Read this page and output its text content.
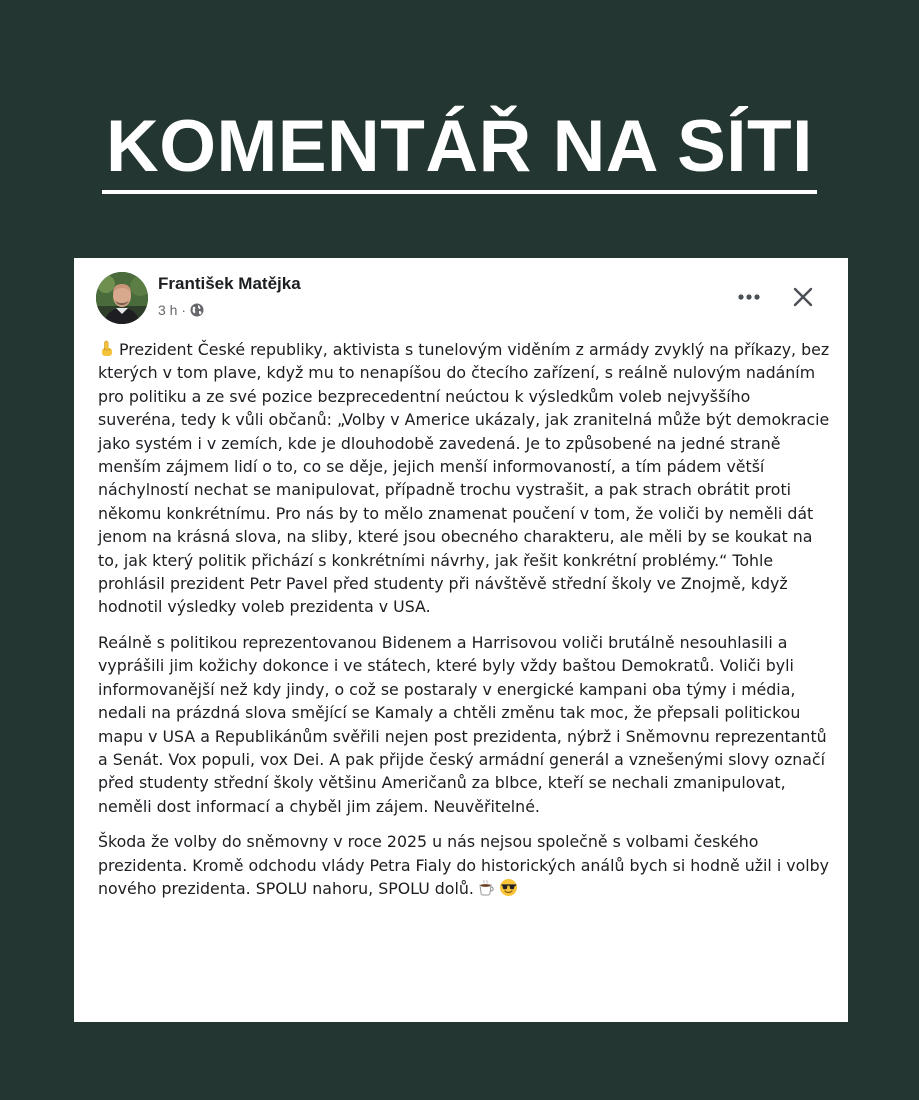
KOMENTÁŘ NA SÍTI
František Matějka
3 h ·

Prezident České republiky, aktivista s tunelovým viděním z armády zvyklý na příkazy, bez kterých v tom plave, když mu to nenapíšou do čtecího zařízení, s reálně nulovým nadáním pro politiku a ze své pozice bezprecedentní neúctou k výsledkům voleb nejvyššího suveréna, tedy k vůli občanů: „Volby v Americe ukázaly, jak zranitelná může být demokracie jako systém i v zemích, kde je dlouhodobě zavedená. Je to způsobené na jedné straně menším zájmem lidí o to, co se děje, jejich menší informovaností, a tím pádem větší náchylností nechat se manipulovat, případně trochu vystrašit, a pak strach obrátit proti někomu konkrétnímu. Pro nás by to mělo znamenat poučení v tom, že voliči by neměli dát jenom na krásná slova, na sliby, které jsou obecného charakteru, ale měli by se koukat na to, jak který politik přichází s konkrétními návrhy, jak řešit konkrétní problémy.“ Tohle prohlásil prezident Petr Pavel před studenty při návštěvě střední školy ve Znojmě, když hodnotil výsledky voleb prezidenta v USA.

Reálně s politikou reprezentovanou Bidenem a Harrisovou voliči brutálně nesouhlasili a vyprášili jim kožichy dokonce i ve státech, které byly vždy baštou Demokratů. Voliči byli informovanější než kdy jindy, o což se postaraly v energické kampani oba týmy i média, nedali na prázdná slova smějící se Kamaly a chtěli změnu tak moc, že přepsali politickou mapu v USA a Republikánům svěřili nejen post prezidenta, nýbrž i Sněmovnu reprezentantů a Senát. Vox populi, vox Dei. A pak přijde český armádní generál a vznešenými slovy označí před studenty střední školy většinu Američanů za blbce, kteří se nechali zmanipulovat, neměli dost informací a chyběl jim zájem. Neuvěřitelné.

Škoda že volby do sněmovny v roce 2025 u nás nejsou společně s volbami českého prezidenta. Kromě odchodu vlády Petra Fialy do historických análů bych si hodně užil i volby nového prezidenta. SPOLU nahoru, SPOLU dolů.
